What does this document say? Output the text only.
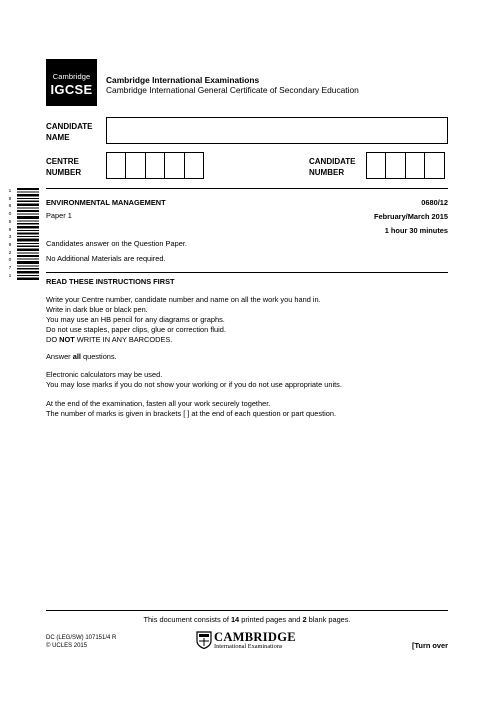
Cambridge
IGCSE
Cambridge International Examinations
Cambridge International General Certificate of Secondary Education
CANDIDATE NAME
CENTRE NUMBER
CANDIDATE NUMBER
1
8
6
0
5
9
3
9
2
0
7
1
ENVIRONMENTAL MANAGEMENT	0680/12
Paper 1	February/March 2015
1 hour 30 minutes
Candidates answer on the Question Paper.
No Additional Materials are required.
READ THESE INSTRUCTIONS FIRST
Write your Centre number, candidate number and name on all the work you hand in.
Write in dark blue or black pen.
You may use an HB pencil for any diagrams or graphs.
Do not use staples, paper clips, glue or correction fluid.
DO NOT WRITE IN ANY BARCODES.
Answer all questions.
Electronic calculators may be used.
You may lose marks if you do not show your working or if you do not use appropriate units.
At the end of the examination, fasten all your work securely together.
The number of marks is given in brackets [ ] at the end of each question or part question.
This document consists of 14 printed pages and 2 blank pages.
DC (LEG/SW) 107151/4 R
© UCLES 2015
CAMBRIDGE
International Examinations	[Turn over
